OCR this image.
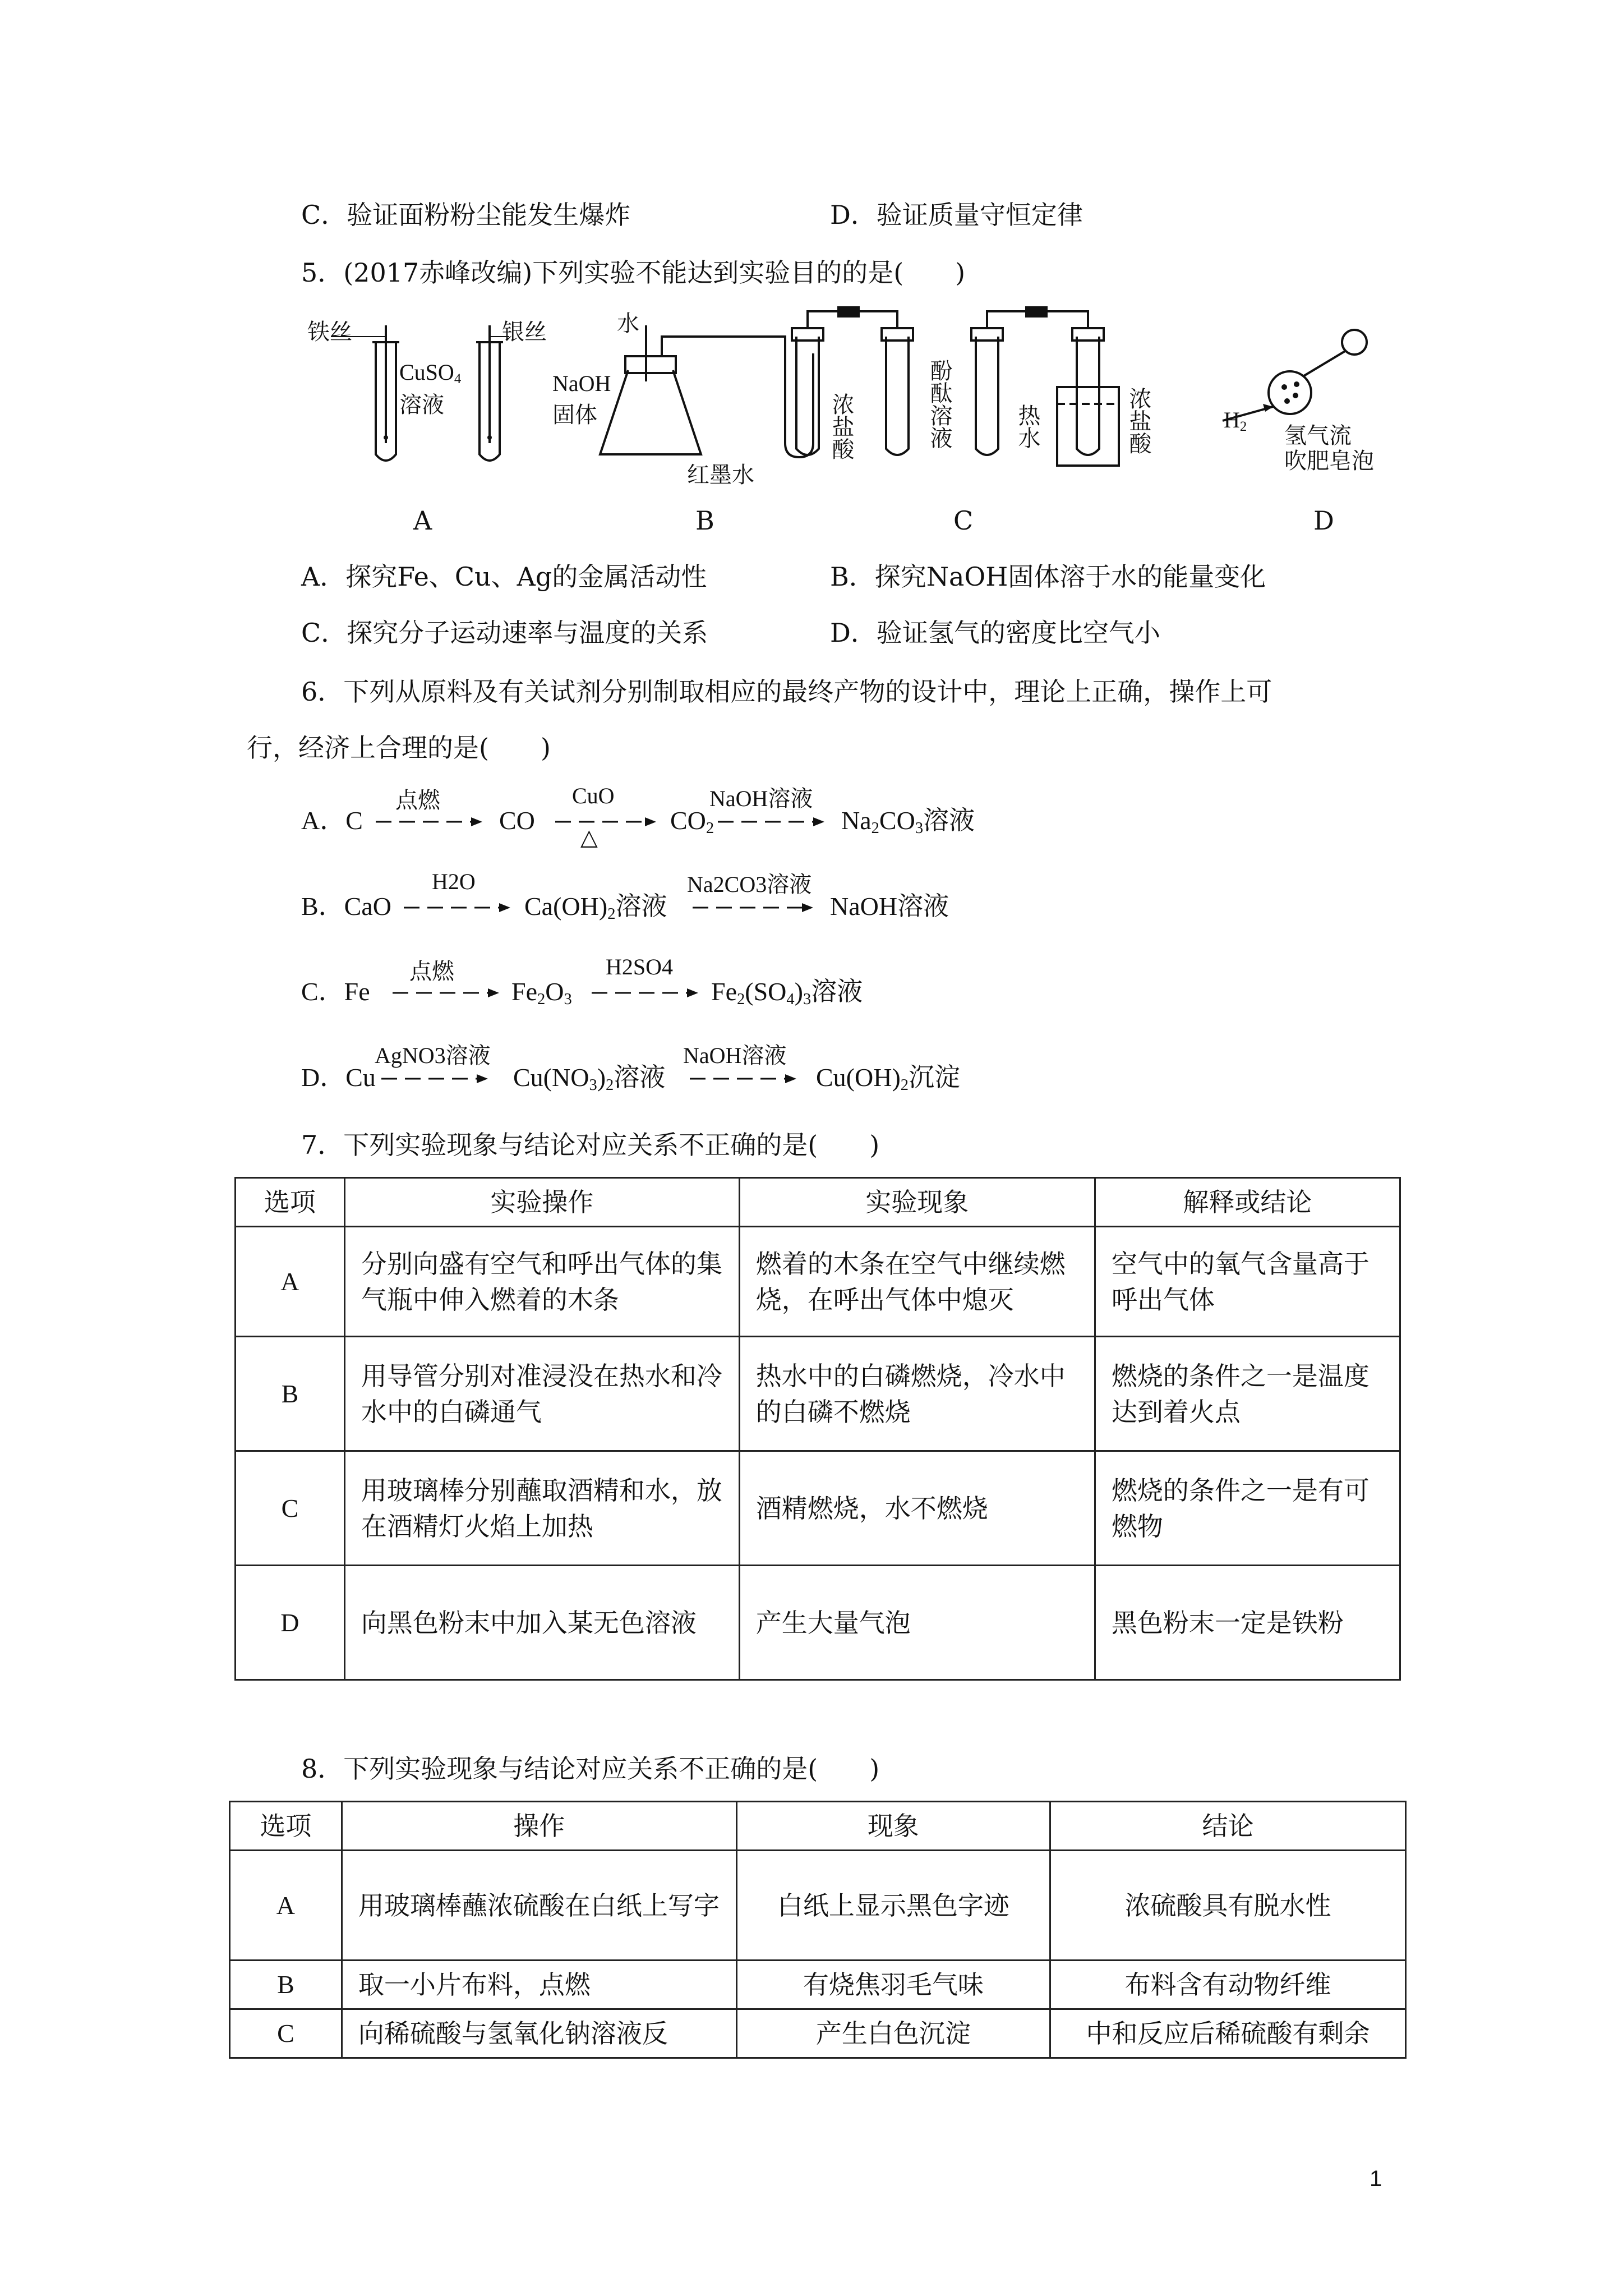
C．验证面粉粉尘能发生爆炸	D．验证质量守恒定律
5．(2017赤峰改编)下列实验不能达到实验目的的是(　　)
铁丝	银丝
CuSO$_4$
溶液
A
水
NaOH
固体
红墨水
B
浓盐酸	酚酞溶液	热水	浓盐酸
C
$H_2$ 氢气流
吹肥皂泡
D
A．探究Fe、Cu、Ag的金属活动性	B．探究NaOH固体溶于水的能量变化
C．探究分子运动速率与温度的关系	D．验证氢气的密度比空气小
6．下列从原料及有关试剂分别制取相应的最终产物的设计中，理论上正确，操作上可
行，经济上合理的是(　　)
A．C
点燃
CO
CuO
△
$CO_2$
NaOH溶液
$Na_2CO_3$溶液
B．CaO
H2O
$Ca(OH)_2$溶液
Na2CO3溶液
NaOH溶液
C．Fe
点燃
$Fe_2O_3$
H2SO4
$Fe_2(SO_4)_3$溶液
D．Cu
AgNO3溶液
$Cu(NO_3)_2$溶液
NaOH溶液
$Cu(OH)_2$沉淀
7．下列实验现象与结论对应关系不正确的是(　　)
选项	实验操作	实验现象	解释或结论
A	分别向盛有空气和呼出气体的集气瓶中伸入燃着的木条	燃着的木条在空气中继续燃烧，在呼出气体中熄灭	空气中的氧气含量高于呼出气体
B	用导管分别对准浸没在热水和冷水中的白磷通气	热水中的白磷燃烧，冷水中的白磷不燃烧	燃烧的条件之一是温度达到着火点
C	用玻璃棒分别蘸取酒精和水，放在酒精灯火焰上加热	酒精燃烧，水不燃烧	燃烧的条件之一是有可燃物
D	向黑色粉末中加入某无色溶液	产生大量气泡	黑色粉末一定是铁粉
8．下列实验现象与结论对应关系不正确的是(　　)
选项	操作	现象	结论
A	用玻璃棒蘸浓硫酸在白纸上写字	白纸上显示黑色字迹	浓硫酸具有脱水性
B	取一小片布料，点燃	有烧焦羽毛气味	布料含有动物纤维
C	向稀硫酸与氢氧化钠溶液反	产生白色沉淀	中和反应后稀硫酸有剩余
1
